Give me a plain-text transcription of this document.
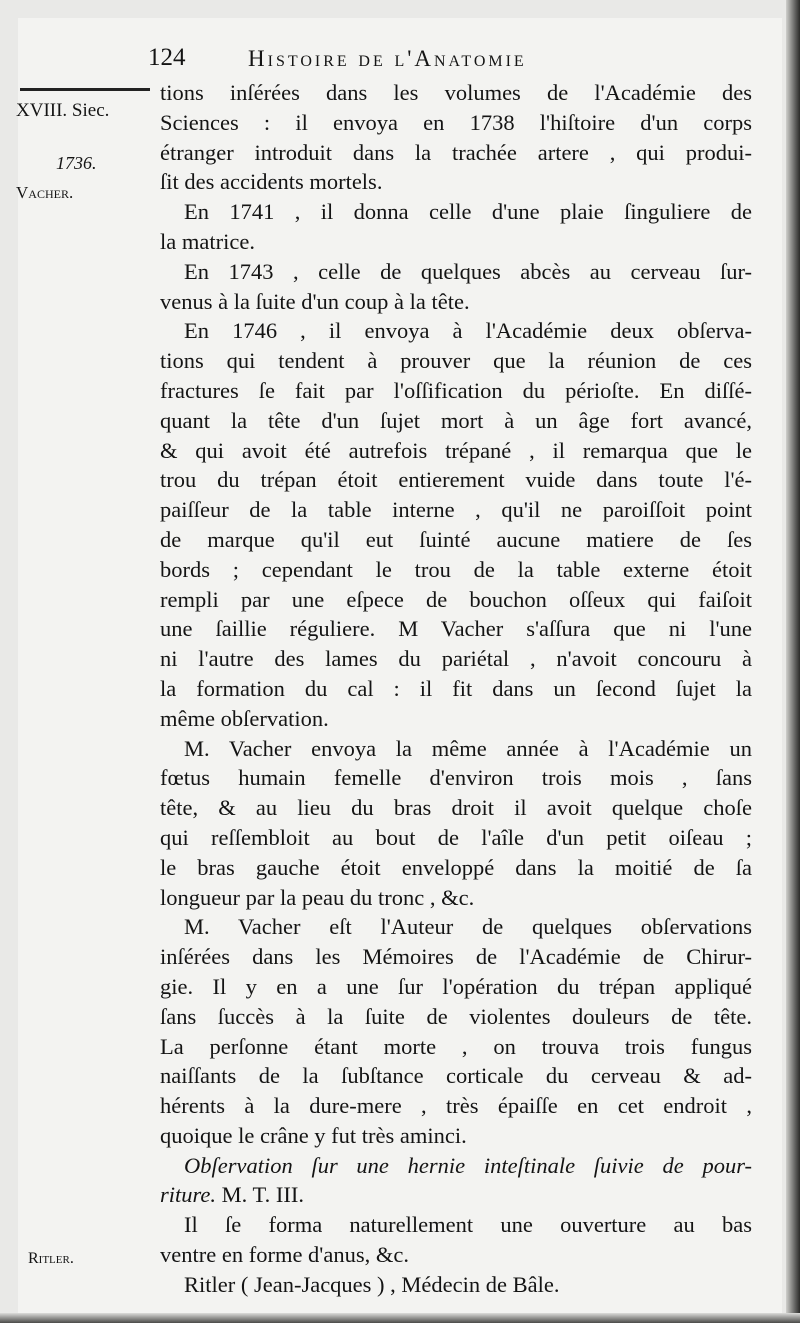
124	Histoire de l'Anatomie
XVIII. Siec.
1736.
Vacher.
Ritler.
tions inſérées dans les volumes de l'Académie des
Sciences : il envoya en 1738 l'hiſtoire d'un corps
étranger introduit dans la trachée artere , qui produi-
ſit des accidents mortels.
En 1741 , il donna celle d'une plaie ſinguliere de
la matrice.
En 1743 , celle de quelques abcès au cerveau ſur-
venus à la ſuite d'un coup à la tête.
En 1746 , il envoya à l'Académie deux obſerva-
tions qui tendent à prouver que la réunion de ces
fractures ſe fait par l'oſſification du périoſte. En diſſé-
quant la tête d'un ſujet mort à un âge fort avancé,
& qui avoit été autrefois trépané , il remarqua que le
trou du trépan étoit entierement vuide dans toute l'é-
paiſſeur de la table interne , qu'il ne paroiſſoit point
de marque qu'il eut ſuinté aucune matiere de ſes
bords ; cependant le trou de la table externe étoit
rempli par une eſpece de bouchon oſſeux qui faiſoit
une ſaillie réguliere. M Vacher s'aſſura que ni l'une
ni l'autre des lames du pariétal , n'avoit concouru à
la formation du cal : il fit dans un ſecond ſujet la
même obſervation.
M. Vacher envoya la même année à l'Académie un
fœtus humain femelle d'environ trois mois , ſans
tête, & au lieu du bras droit il avoit quelque choſe
qui reſſembloit au bout de l'aîle d'un petit oiſeau ;
le bras gauche étoit enveloppé dans la moitié de ſa
longueur par la peau du tronc , &c.
M. Vacher eſt l'Auteur de quelques obſervations
inſérées dans les Mémoires de l'Académie de Chirur-
gie. Il y en a une ſur l'opération du trépan appliqué
ſans ſuccès à la ſuite de violentes douleurs de tête.
La perſonne étant morte , on trouva trois fungus
naiſſants de la ſubſtance corticale du cerveau & ad-
hérents à la dure-mere , très épaiſſe en cet endroit ,
quoique le crâne y fut très aminci.
Obſervation ſur une hernie inteſtinale ſuivie de pour-
riture. M. T. III.
Il ſe forma naturellement une ouverture au bas
ventre en forme d'anus, &c.
Ritler ( Jean-Jacques ) , Médecin de Bâle.
